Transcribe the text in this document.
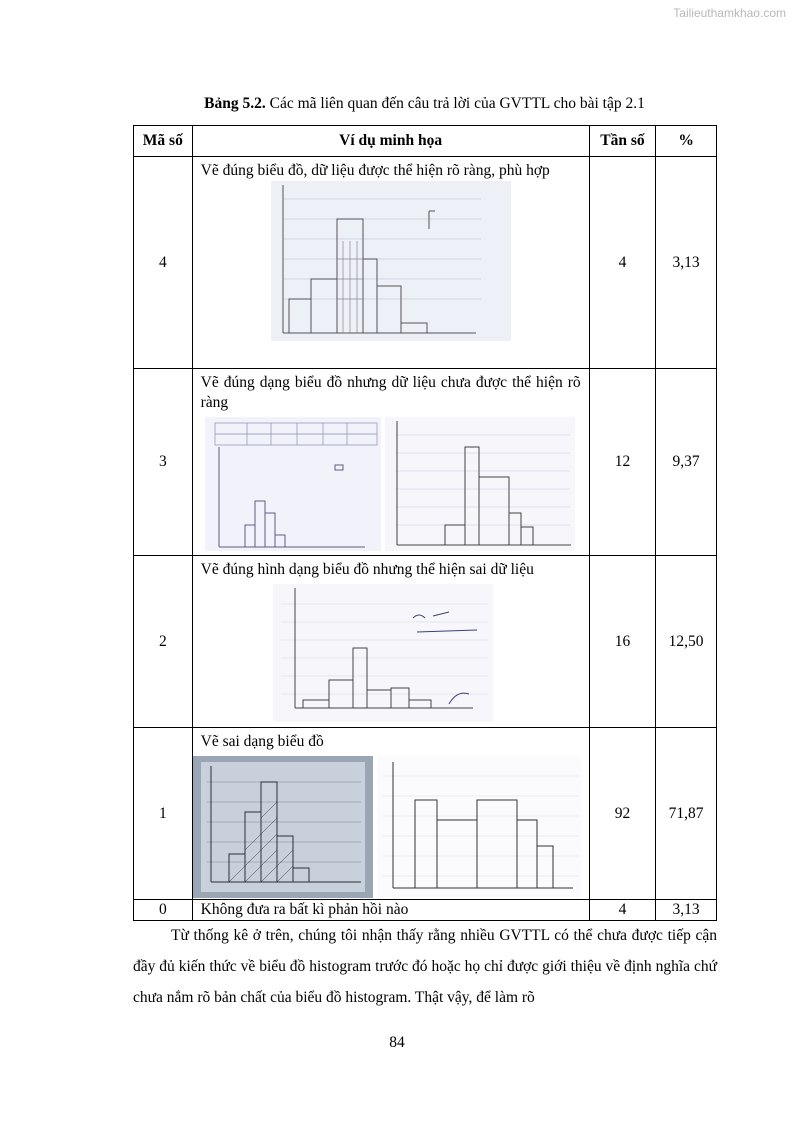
Tailieuthamkhao.com
Bảng 5.2. Các mã liên quan đến câu trả lời của GVTTL cho bài tập 2.1
Mã số	Ví dụ minh họa	Tần số	%
4	Vẽ đúng biểu đồ, dữ liệu được thể hiện rõ ràng, phù hợp	4	3,13
3	Vẽ đúng dạng biểu đồ nhưng dữ liệu chưa được thể hiện rõ ràng	12	9,37
2	Vẽ đúng hình dạng biểu đồ nhưng thể hiện sai dữ liệu	16	12,50
1	Vẽ sai dạng biểu đồ	92	71,87
0	Không đưa ra bất kì phản hồi nào	4	3,13
Từ thống kê ở trên, chúng tôi nhận thấy rằng nhiều GVTTL có thể chưa được tiếp cận đầy đủ kiến thức về biểu đồ histogram trước đó hoặc họ chỉ được giới thiệu về định nghĩa chứ chưa nắm rõ bản chất của biểu đồ histogram. Thật vậy, để làm rõ
84
